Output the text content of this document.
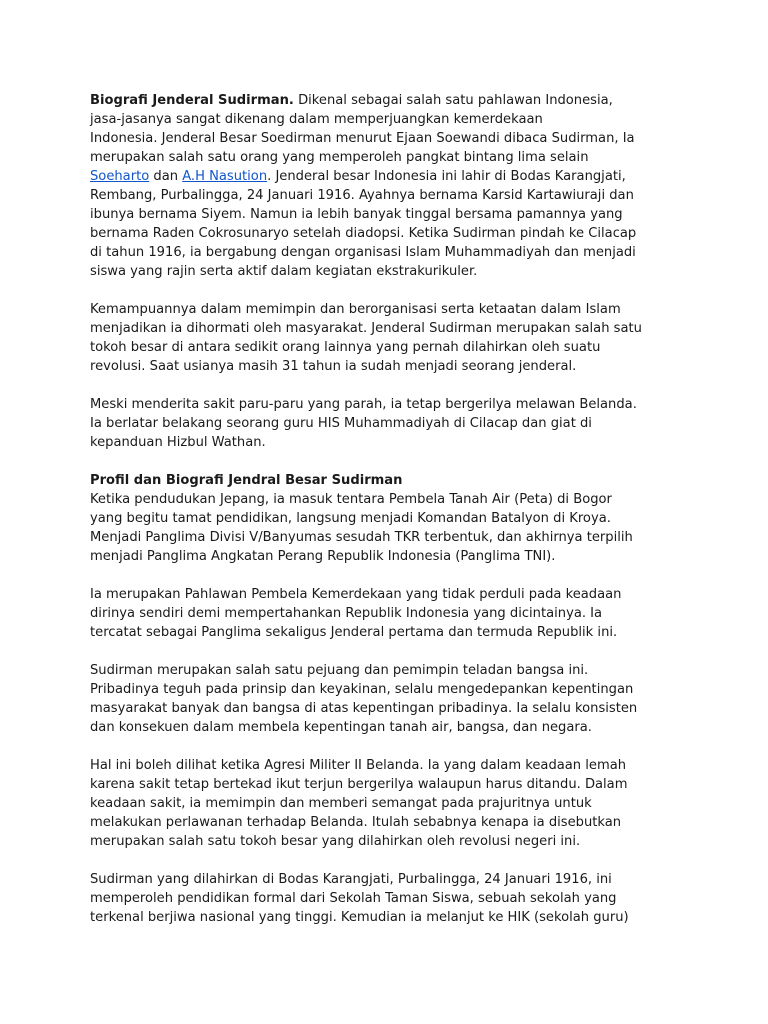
Biografi Jenderal Sudirman. Dikenal sebagai salah satu pahlawan Indonesia,
jasa-jasanya sangat dikenang dalam memperjuangkan kemerdekaan
Indonesia. Jenderal Besar Soedirman menurut Ejaan Soewandi dibaca Sudirman, Ia
merupakan salah satu orang yang memperoleh pangkat bintang lima selain
Soeharto dan A.H Nasution. Jenderal besar Indonesia ini lahir di Bodas Karangjati,
Rembang, Purbalingga, 24 Januari 1916. Ayahnya bernama Karsid Kartawiuraji dan
ibunya bernama Siyem. Namun ia lebih banyak tinggal bersama pamannya yang
bernama Raden Cokrosunaryo setelah diadopsi. Ketika Sudirman pindah ke Cilacap
di tahun 1916, ia bergabung dengan organisasi Islam Muhammadiyah dan menjadi
siswa yang rajin serta aktif dalam kegiatan ekstrakurikuler.

Kemampuannya dalam memimpin dan berorganisasi serta ketaatan dalam Islam
menjadikan ia dihormati oleh masyarakat. Jenderal Sudirman merupakan salah satu
tokoh besar di antara sedikit orang lainnya yang pernah dilahirkan oleh suatu
revolusi. Saat usianya masih 31 tahun ia sudah menjadi seorang jenderal.

Meski menderita sakit paru-paru yang parah, ia tetap bergerilya melawan Belanda.
Ia berlatar belakang seorang guru HIS Muhammadiyah di Cilacap dan giat di
kepanduan Hizbul Wathan.

Profil dan Biografi Jendral Besar Sudirman
Ketika pendudukan Jepang, ia masuk tentara Pembela Tanah Air (Peta) di Bogor
yang begitu tamat pendidikan, langsung menjadi Komandan Batalyon di Kroya.
Menjadi Panglima Divisi V/Banyumas sesudah TKR terbentuk, dan akhirnya terpilih
menjadi Panglima Angkatan Perang Republik Indonesia (Panglima TNI).

Ia merupakan Pahlawan Pembela Kemerdekaan yang tidak perduli pada keadaan
dirinya sendiri demi mempertahankan Republik Indonesia yang dicintainya. Ia
tercatat sebagai Panglima sekaligus Jenderal pertama dan termuda Republik ini.

Sudirman merupakan salah satu pejuang dan pemimpin teladan bangsa ini.
Pribadinya teguh pada prinsip dan keyakinan, selalu mengedepankan kepentingan
masyarakat banyak dan bangsa di atas kepentingan pribadinya. Ia selalu konsisten
dan konsekuen dalam membela kepentingan tanah air, bangsa, dan negara.

Hal ini boleh dilihat ketika Agresi Militer II Belanda. Ia yang dalam keadaan lemah
karena sakit tetap bertekad ikut terjun bergerilya walaupun harus ditandu. Dalam
keadaan sakit, ia memimpin dan memberi semangat pada prajuritnya untuk
melakukan perlawanan terhadap Belanda. Itulah sebabnya kenapa ia disebutkan
merupakan salah satu tokoh besar yang dilahirkan oleh revolusi negeri ini.

Sudirman yang dilahirkan di Bodas Karangjati, Purbalingga, 24 Januari 1916, ini
memperoleh pendidikan formal dari Sekolah Taman Siswa, sebuah sekolah yang
terkenal berjiwa nasional yang tinggi. Kemudian ia melanjut ke HIK (sekolah guru)
